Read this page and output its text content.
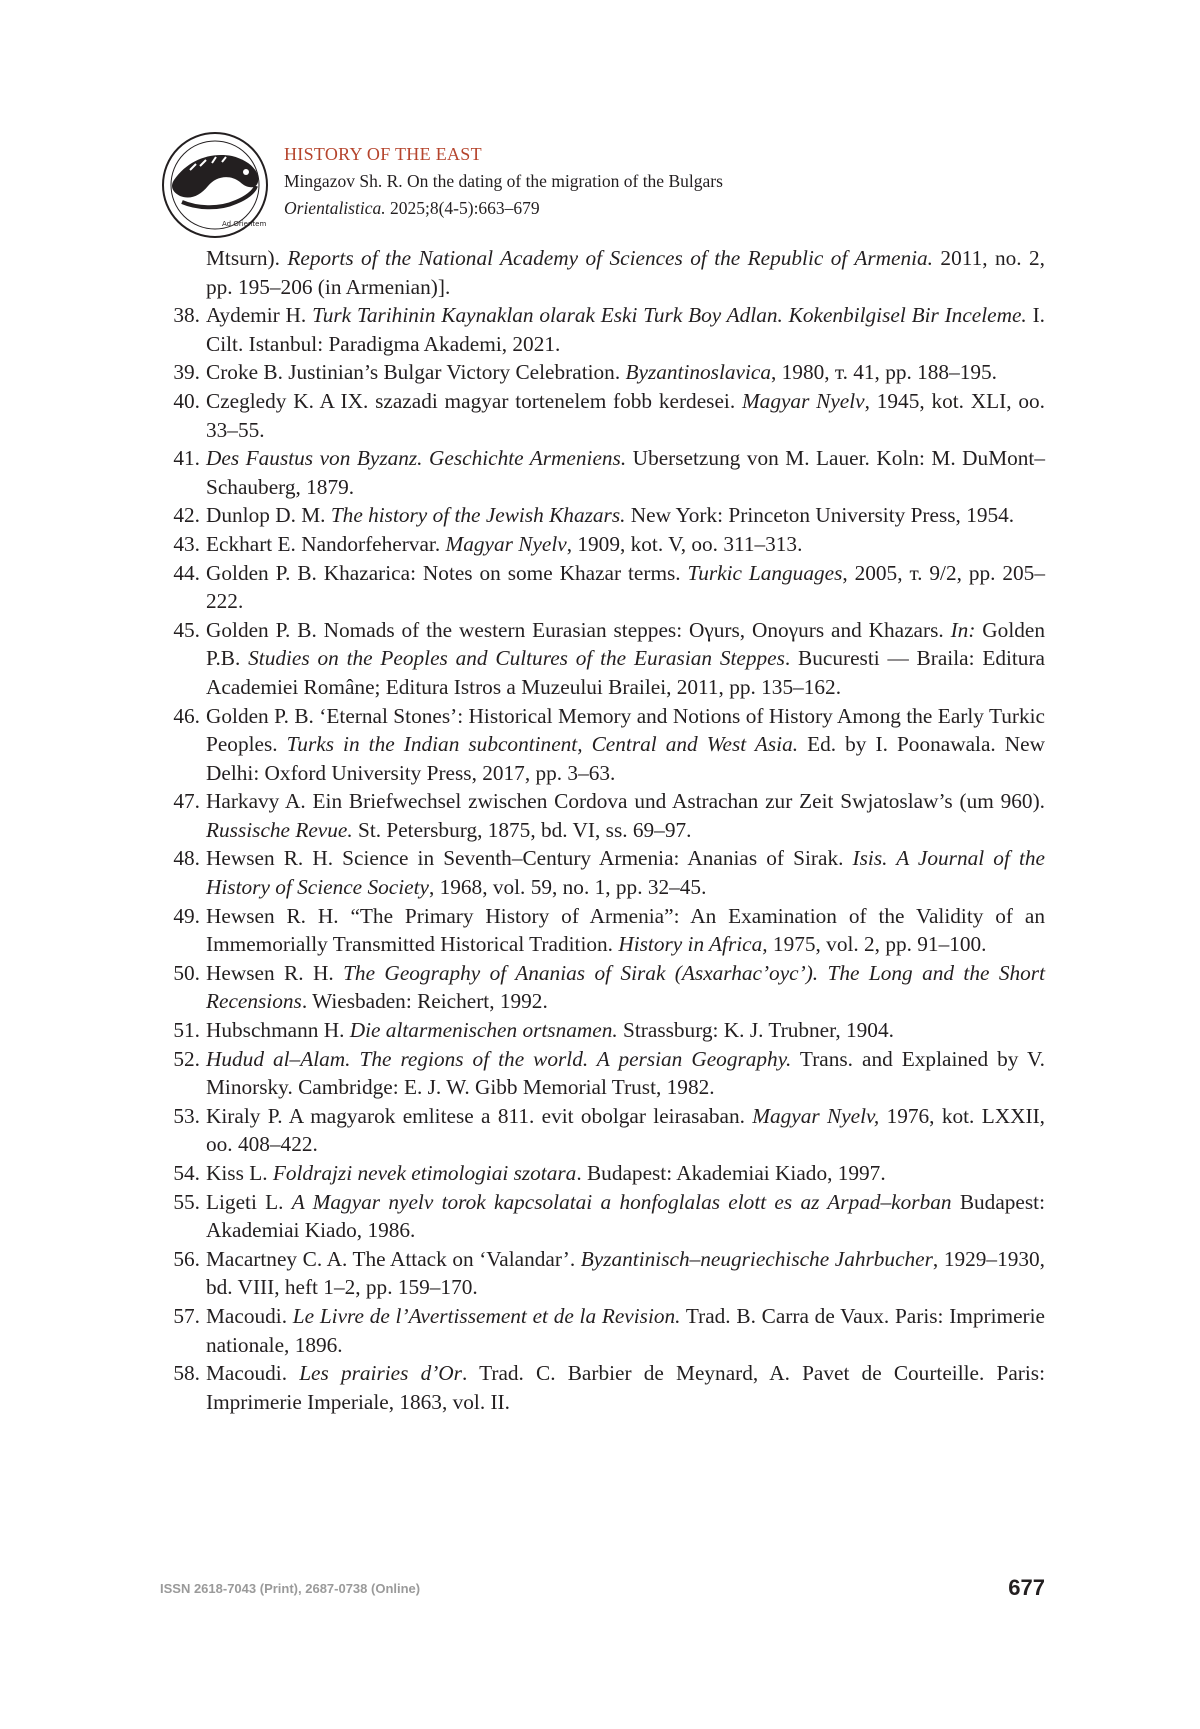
Ad Orientem
HISTORY OF THE EAST
Mingazov Sh. R. On the dating of the migration of the Bulgars
Orientalistica. 2025;8(4-5):663–679
Mtsurn). Reports of the National Academy of Sciences of the Republic of Armenia. 2011, no. 2, pp. 195–206 (in Armenian)].
38. Aydemir H. Turk Tarihinin Kaynaklan olarak Eski Turk Boy Adlan. Kokenbilgisel Bir Inceleme. I. Cilt. Istanbul: Paradigma Akademi, 2021.
39. Croke B. Justinian’s Bulgar Victory Celebration. Byzantinoslavica, 1980, т. 41, pp. 188–195.
40. Czegledy K. A IX. szazadi magyar tortenelem fobb kerdesei. Magyar Nyelv, 1945, kot. XLI, oo. 33–55.
41. Des Faustus von Byzanz. Geschichte Armeniens. Ubersetzung von M. Lauer. Koln: M. DuMont–Schauberg, 1879.
42. Dunlop D. M. The history of the Jewish Khazars. New York: Princeton University Press, 1954.
43. Eckhart E. Nandorfehervar. Magyar Nyelv, 1909, kot. V, oo. 311–313.
44. Golden P. B. Khazarica: Notes on some Khazar terms. Turkic Languages, 2005, т. 9/2, pp. 205–222.
45. Golden P. B. Nomads of the western Eurasian steppes: Oγurs, Onoγurs and Khazars. In: Golden P.B. Studies on the Peoples and Cultures of the Eurasian Steppes. Bucuresti — Braila: Editura Academiei Române; Editura Istros a Muzeului Brailei, 2011, pp. 135–162.
46. Golden P. B. ‘Eternal Stones’: Historical Memory and Notions of History Among the Early Turkic Peoples. Turks in the Indian subcontinent, Central and West Asia. Ed. by I. Poonawala. New Delhi: Oxford University Press, 2017, pp. 3–63.
47. Harkavy A. Ein Briefwechsel zwischen Cordova und Astrachan zur Zeit Swjatoslaw’s (um 960). Russische Revue. St. Petersburg, 1875, bd. VI, ss. 69–97.
48. Hewsen R. H. Science in Seventh–Century Armenia: Ananias of Sirak. Isis. A Journal of the History of Science Society, 1968, vol. 59, no. 1, pp. 32–45.
49. Hewsen R. H. “The Primary History of Armenia”: An Examination of the Validity of an Immemorially Transmitted Historical Tradition. History in Africa, 1975, vol. 2, pp. 91–100.
50. Hewsen R. H. The Geography of Ananias of Sirak (Asxarhac’oyc’). The Long and the Short Recensions. Wiesbaden: Reichert, 1992.
51. Hubschmann H. Die altarmenischen ortsnamen. Strassburg: K. J. Trubner, 1904.
52. Hudud al–Alam. The regions of the world. A persian Geography. Trans. and Explained by V. Minorsky. Cambridge: E. J. W. Gibb Memorial Trust, 1982.
53. Kiraly P. A magyarok emlitese a 811. evit obolgar leirasaban. Magyar Nyelv, 1976, kot. LXXII, oo. 408–422.
54. Kiss L. Foldrajzi nevek etimologiai szotara. Budapest: Akademiai Kiado, 1997.
55. Ligeti L. A Magyar nyelv torok kapcsolatai a honfoglalas elott es az Arpad–korban Budapest: Akademiai Kiado, 1986.
56. Macartney C. A. The Attack on ‘Valandar’. Byzantinisch–neugriechische Jahrbucher, 1929–1930, bd. VIII, heft 1–2, pp. 159–170.
57. Macoudi. Le Livre de l’Avertissement et de la Revision. Trad. B. Carra de Vaux. Paris: Imprimerie nationale, 1896.
58. Macoudi. Les prairies d’Or. Trad. C. Barbier de Meynard, A. Pavet de Courteille. Paris: Imprimerie Imperiale, 1863, vol. II.
ISSN 2618-7043 (Print), 2687-0738 (Online)	677
